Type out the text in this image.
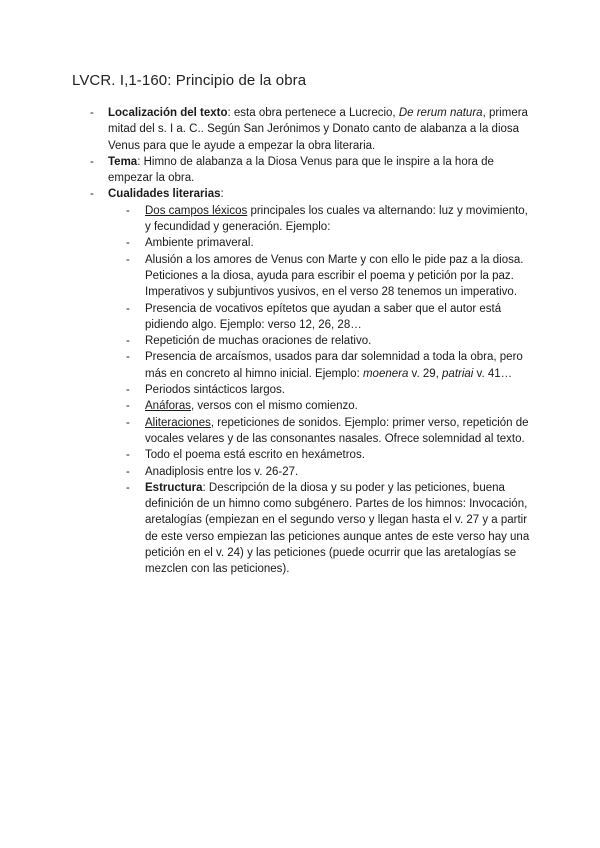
LVCR. I,1-160: Principio de la obra
- Localización del texto: esta obra pertenece a Lucrecio, De rerum natura, primera mitad del s. I a. C.. Según San Jerónimos y Donato canto de alabanza a la diosa Venus para que le ayude a empezar la obra literaria.
- Tema: Himno de alabanza a la Diosa Venus para que le inspire a la hora de empezar la obra.
- Cualidades literarias:
- Dos campos léxicos principales los cuales va alternando: luz y movimiento, y fecundidad y generación. Ejemplo:
- Ambiente primaveral.
- Alusión a los amores de Venus con Marte y con ello le pide paz a la diosa. Peticiones a la diosa, ayuda para escribir el poema y petición por la paz. Imperativos y subjuntivos yusivos, en el verso 28 tenemos un imperativo.
- Presencia de vocativos epítetos que ayudan a saber que el autor está pidiendo algo. Ejemplo: verso 12, 26, 28…
- Repetición de muchas oraciones de relativo.
- Presencia de arcaísmos, usados para dar solemnidad a toda la obra, pero más en concreto al himno inicial. Ejemplo: moenera v. 29, patriai v. 41…
- Periodos sintácticos largos.
- Anáforas, versos con el mismo comienzo.
- Aliteraciones, repeticiones de sonidos. Ejemplo: primer verso, repetición de vocales velares y de las consonantes nasales. Ofrece solemnidad al texto.
- Todo el poema está escrito en hexámetros.
- Anadiplosis entre los v. 26-27.
- Estructura: Descripción de la diosa y su poder y las peticiones, buena definición de un himno como subgénero. Partes de los himnos: Invocación, aretalogías (empiezan en el segundo verso y llegan hasta el v. 27 y a partir de este verso empiezan las peticiones aunque antes de este verso hay una petición en el v. 24) y las peticiones (puede ocurrir que las aretalogías se mezclen con las peticiones).
